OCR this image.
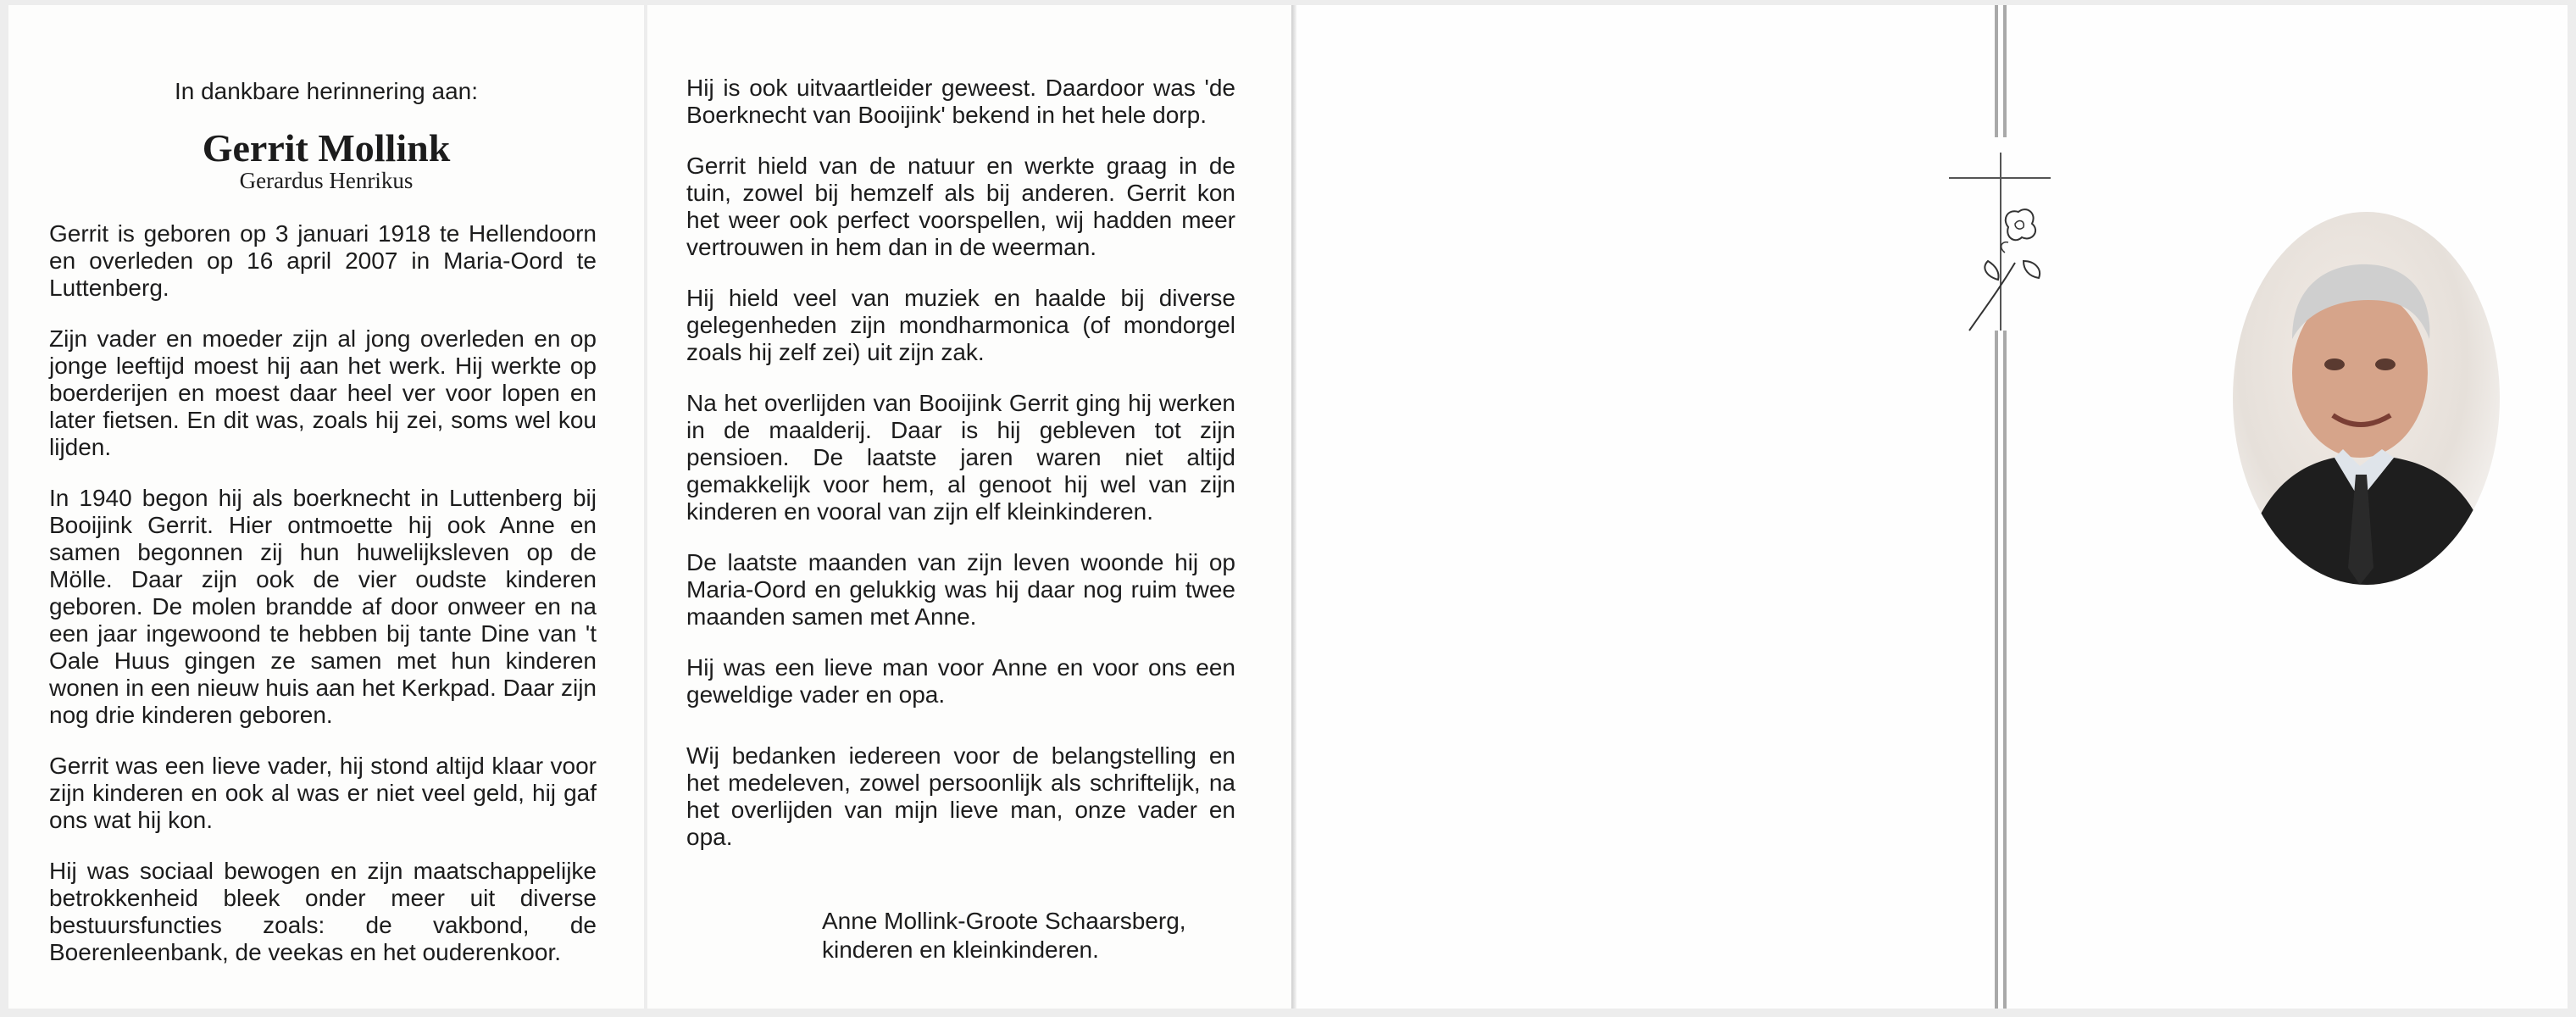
In dankbare herinnering aan:
Gerrit Mollink
Gerardus Henrikus

Gerrit is geboren op 3 januari 1918 te Hellendoorn en overleden op 16 april 2007 in Maria-Oord te Luttenberg.

Zijn vader en moeder zijn al jong overleden en op jonge leeftijd moest hij aan het werk. Hij werkte op boerderijen en moest daar heel ver voor lopen en later fietsen. En dit was, zoals hij zei, soms wel kou lijden.

In 1940 begon hij als boerknecht in Luttenberg bij Booijink Gerrit. Hier ontmoette hij ook Anne en samen begonnen zij hun huwelijksleven op de Mölle. Daar zijn ook de vier oudste kinderen geboren. De molen brandde af door onweer en na een jaar ingewoond te hebben bij tante Dine van 't Oale Huus gingen ze samen met hun kinderen wonen in een nieuw huis aan het Kerkpad. Daar zijn nog drie kinderen geboren.

Gerrit was een lieve vader, hij stond altijd klaar voor zijn kinderen en ook al was er niet veel geld, hij gaf ons wat hij kon.

Hij was sociaal bewogen en zijn maatschappelijke betrokkenheid bleek onder meer uit diverse bestuursfuncties zoals: de vakbond, de Boerenleenbank, de veekas en het ouderenkoor.

Hij is ook uitvaartleider geweest. Daardoor was 'de Boerknecht van Booijink' bekend in het hele dorp.

Gerrit hield van de natuur en werkte graag in de tuin, zowel bij hemzelf als bij anderen. Gerrit kon het weer ook perfect voorspellen, wij hadden meer vertrouwen in hem dan in de weerman.

Hij hield veel van muziek en haalde bij diverse gelegenheden zijn mondharmonica (of mondorgel zoals hij zelf zei) uit zijn zak.

Na het overlijden van Booijink Gerrit ging hij werken in de maalderij. Daar is hij gebleven tot zijn pensioen. De laatste jaren waren niet altijd gemakkelijk voor hem, al genoot hij wel van zijn kinderen en vooral van zijn elf kleinkinderen.

De laatste maanden van zijn leven woonde hij op Maria-Oord en gelukkig was hij daar nog ruim twee maanden samen met Anne.

Hij was een lieve man voor Anne en voor ons een geweldige vader en opa.

Wij bedanken iedereen voor de belangstelling en het medeleven, zowel persoonlijk als schriftelijk, na het overlijden van mijn lieve man, onze vader en opa.

Anne Mollink-Groote Schaarsberg,
kinderen en kleinkinderen.
